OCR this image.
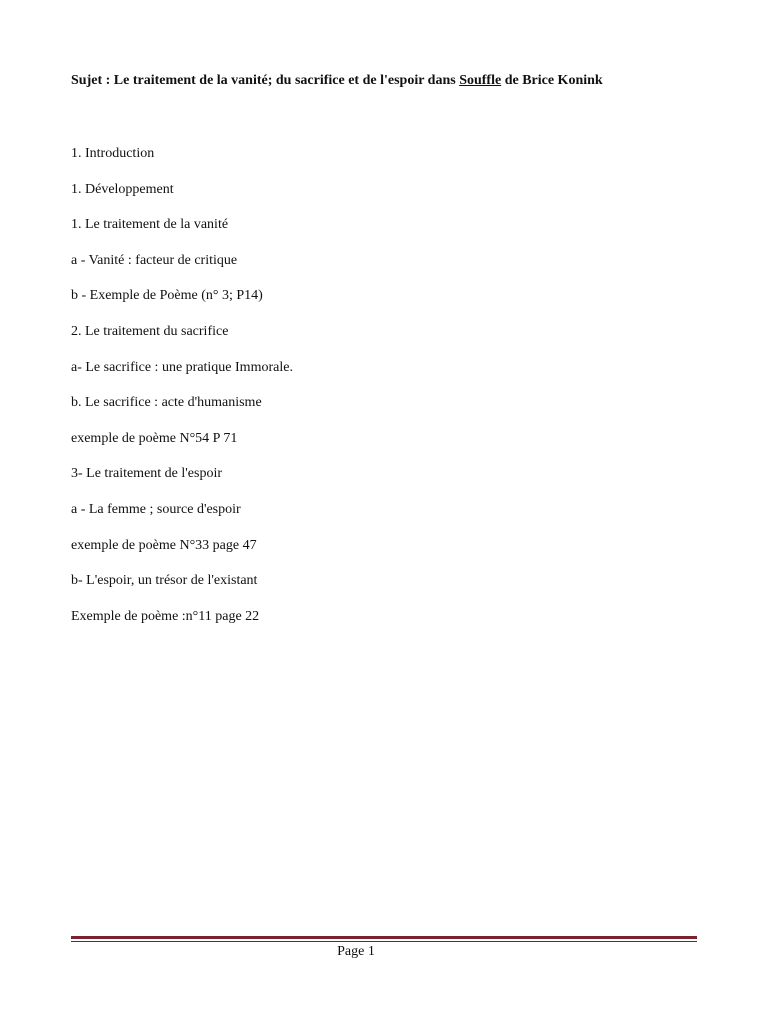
Sujet : Le traitement de la vanité; du sacrifice et de l'espoir dans Souffle de Brice Konink
1. Introduction
1. Développement
1. Le traitement de la vanité
a - Vanité : facteur de critique
b - Exemple de Poème (n° 3; P14)
2. Le traitement du sacrifice
a- Le sacrifice : une pratique Immorale.
b. Le sacrifice : acte d'humanisme
exemple de poème N°54 P 71
3- Le traitement de l'espoir
a - La femme ; source d'espoir
exemple de poème N°33 page 47
b- L'espoir, un trésor de l'existant
Exemple de poème :n°11 page 22
Page 1
